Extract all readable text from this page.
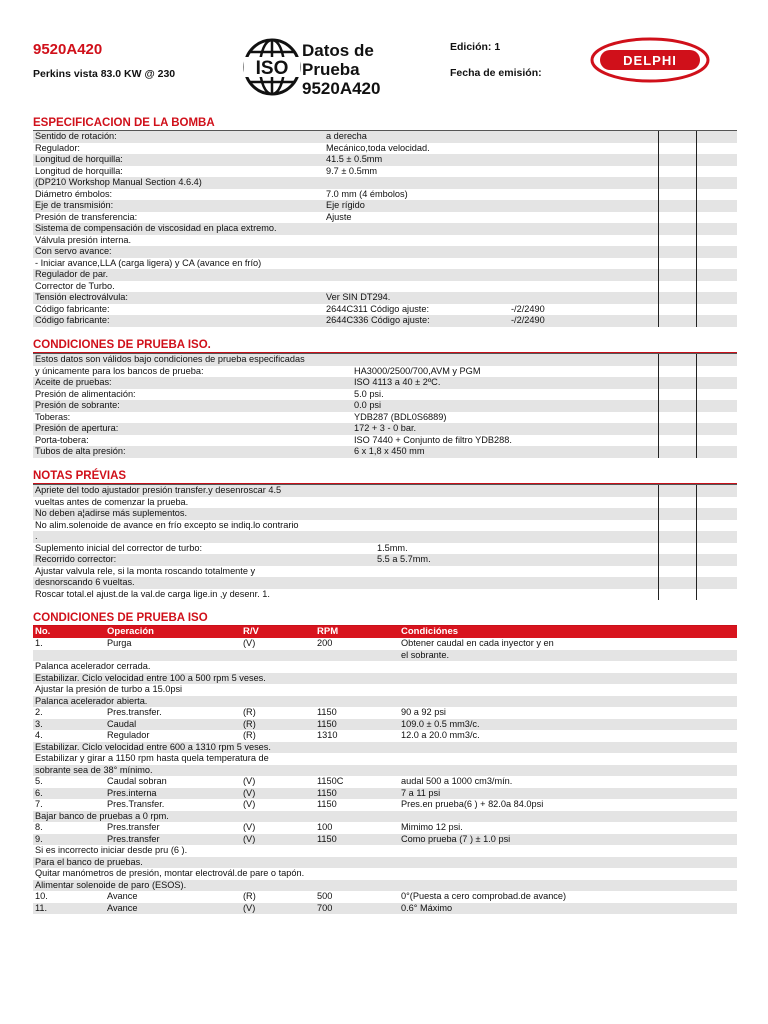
9520A420
Perkins vista 83.0 KW @ 230	ISO
Datos de
Prueba
9520A420
Edición: 1
Fecha de emisión:
DELPHI
ESPECIFICACION DE LA BOMBA
Sentido de rotación:	a derecha
Regulador:	Mecánico,toda velocidad.
Longitud de horquilla:	41.5 ± 0.5mm
Longitud de horquilla:	9.7 ± 0.5mm
(DP210 Workshop Manual Section 4.6.4)
Diámetro émbolos:	7.0 mm (4 émbolos)
Eje de transmisión:	Eje rígido
Presión de transferencia:	Ajuste
Sistema de compensación de viscosidad en placa extremo.
Válvula presión interna.
Con servo avance:
- Iniciar avance,LLA (carga ligera) y CA (avance en frío)
Regulador de par.
Corrector de Turbo.
Tensión electroválvula:	Ver SIN DT294.
Código fabricante:	2644C311 Código ajuste:	-/2/2490
Código fabricante:	2644C336 Código ajuste:	-/2/2490
CONDICIONES DE PRUEBA ISO.
Estos datos son válidos bajo condiciones de prueba especificadas
y únicamente para los bancos de prueba:	HA3000/2500/700,AVM y PGM
Aceite de pruebas:	ISO 4113 a 40 ± 2ºC.
Presión de alimentación:	5.0 psi.
Presión de sobrante:	0.0 psi
Toberas:	YDB287 (BDL0S6889)
Presión de apertura:	172 + 3 - 0 bar.
Porta-tobera:	ISO 7440 + Conjunto de filtro YDB288.
Tubos de alta presión:	6 x 1,8 x 450 mm
NOTAS PRÉVIAS
Apriete del todo ajustador presión transfer.y desenroscar 4.5
vueltas antes de comenzar la prueba.
No deben a¦adirse más suplementos.
No alim.solenoide de avance en frío excepto se indiq.lo contrario
.
Suplemento inicial del corrector de turbo:	1.5mm.
Recorrido corrector:	5.5 a 5.7mm.
Ajustar valvula rele, si la monta roscando totalmente y
desnorscando 6 vueltas.
Roscar total.el ajust.de la val.de carga lige.in ,y desenr. 1.
CONDICIONES DE PRUEBA ISO
No.	Operación	R/V	RPM	Condiciónes
1.	Purga	(V)	200	Obtener caudal en cada inyector y en
el sobrante.
Palanca acelerador cerrada.
Estabilizar. Ciclo velocidad entre 100 a 500 rpm 5 veses.
Ajustar la presión de turbo a 15.0psi
Palanca acelerador abierta.
2.	Pres.transfer.	(R)	1150	90 a 92 psi
3.	Caudal	(R)	1150	109.0 ± 0.5 mm3/c.
4.	Regulador	(R)	1310	12.0 a 20.0 mm3/c.
Estabilizar. Ciclo velocidad entre 600 a 1310 rpm 5 veses.
Estabilizar y girar a 1150 rpm hasta quela temperatura de
sobrante sea de 38° mínimo.
5.	Caudal sobran	(V)	1150C	audal 500 a 1000 cm3/mín.
6.	Pres.interna	(V)	1150	7 a 11 psi
7.	Pres.Transfer.	(V)	1150	Pres.en prueba(6 ) + 82.0a 84.0psi
Bajar banco de pruebas a 0 rpm.
8.	Pres.transfer	(V)	100	Mimimo 12 psi.
9.	Pres.transfer	(V)	1150	Como prueba (7 ) ± 1.0 psi
Si es incorrecto iniciar desde pru (6 ).
Para el banco de pruebas.
Quitar manómetros de presión, montar electrovál.de pare o tapón.
Alimentar solenoide de paro (ESOS).
10.	Avance	(R)	500	0°(Puesta a cero comprobad.de avance)
11.	Avance	(V)	700	0.6° Máximo
